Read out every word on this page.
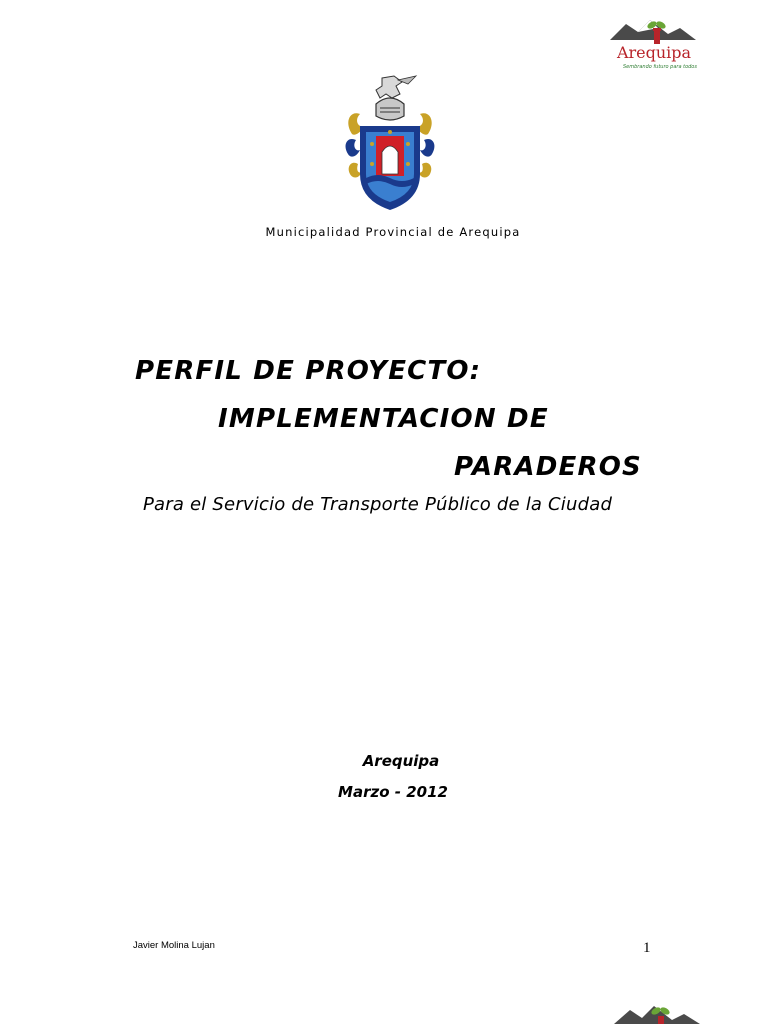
Arequipa
Sembrando futuro para todos
Municipalidad Provincial de Arequipa
PERFIL DE PROYECTO:
IMPLEMENTACION DE
PARADEROS
Para el Servicio de Transporte Público de la Ciudad
Arequipa
Marzo - 2012
Javier Molina Lujan	1
